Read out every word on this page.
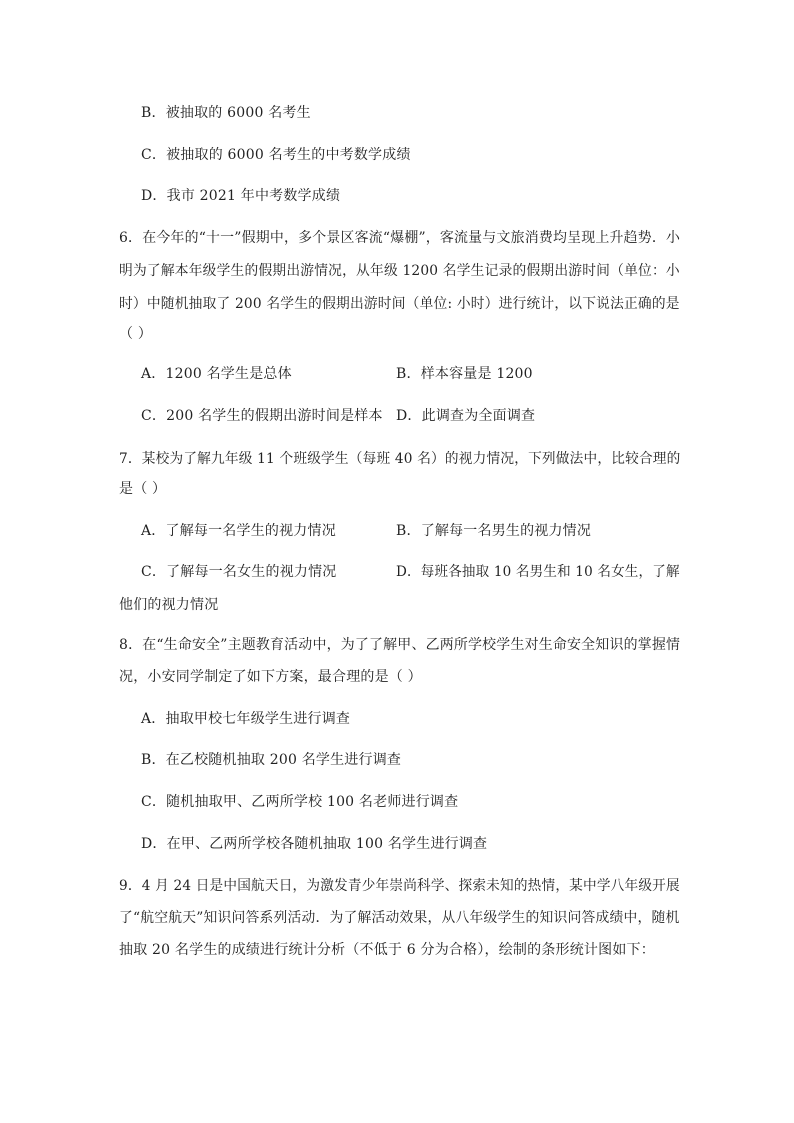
B．被抽取的 6000 名考生
C．被抽取的 6000 名考生的中考数学成绩
D．我市 2021 年中考数学成绩
6．在今年的“十一”假期中，多个景区客流“爆棚”，客流量与文旅消费均呈现上升趋势．小
明为了解本年级学生的假期出游情况，从年级 1200 名学生记录的假期出游时间（单位：小
时）中随机抽取了 200 名学生的假期出游时间（单位: 小时）进行统计，以下说法正确的是
（ ）
A．1200 名学生是总体	B．样本容量是 1200
C．200 名学生的假期出游时间是样本 D．此调查为全面调查
7．某校为了解九年级 11 个班级学生（每班 40 名）的视力情况，下列做法中，比较合理的
是（ ）
A．了解每一名学生的视力情况	B．了解每一名男生的视力情况
C．了解每一名女生的视力情况	D．每班各抽取 10 名男生和 10 名女生，了解
他们的视力情况
8．在“生命安全”主题教育活动中，为了了解甲、乙两所学校学生对生命安全知识的掌握情
况，小安同学制定了如下方案，最合理的是（ ）
A．抽取甲校七年级学生进行调查
B．在乙校随机抽取 200 名学生进行调查
C．随机抽取甲、乙两所学校 100 名老师进行调查
D．在甲、乙两所学校各随机抽取 100 名学生进行调查
9．4 月 24 日是中国航天日，为激发青少年崇尚科学、探索未知的热情，某中学八年级开展
了“航空航天”知识问答系列活动．为了解活动效果，从八年级学生的知识问答成绩中，随机
抽取 20 名学生的成绩进行统计分析（不低于 6 分为合格），绘制的条形统计图如下：
